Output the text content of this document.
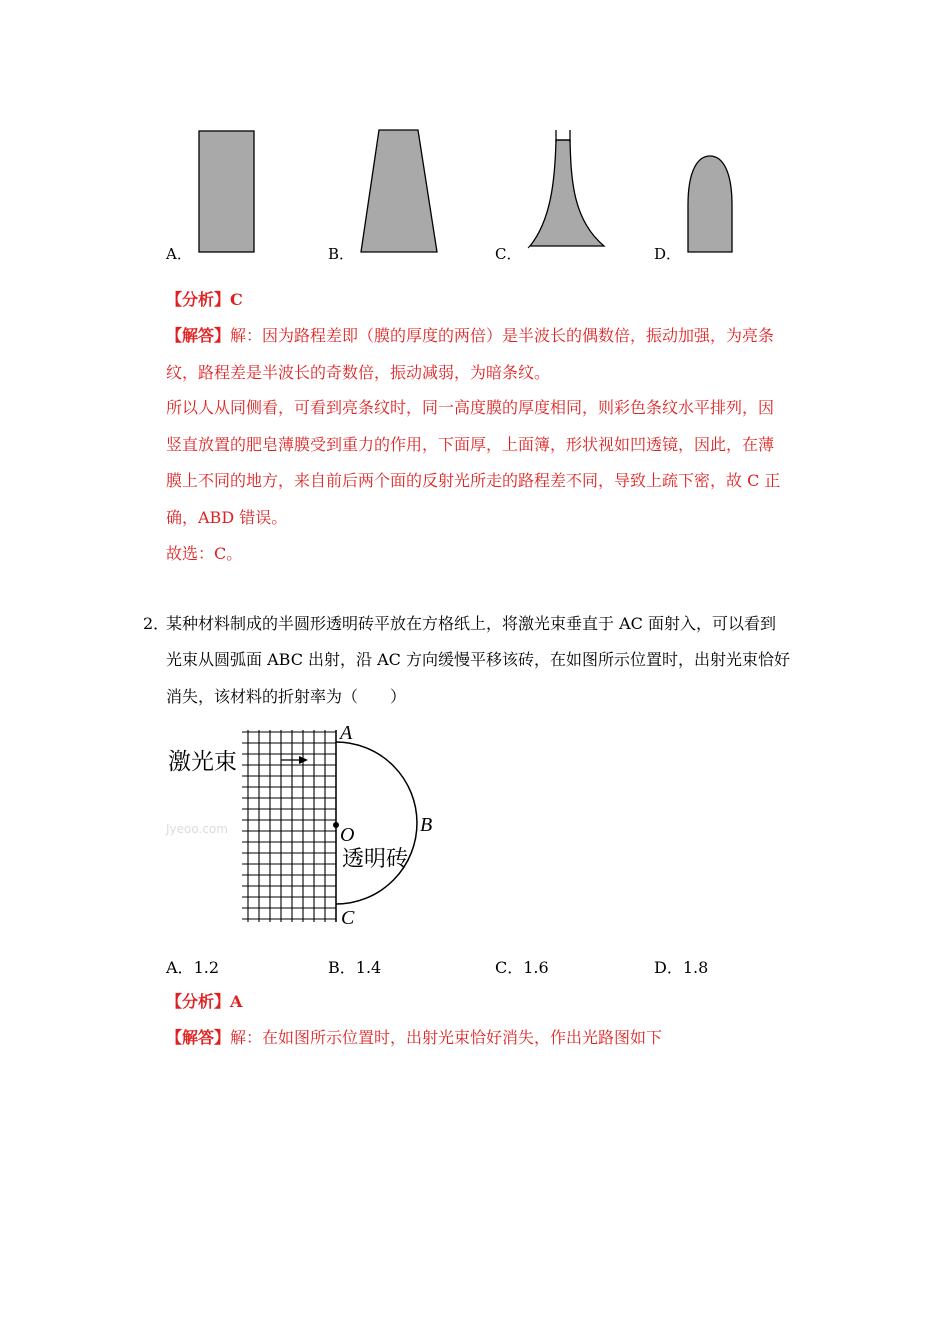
A．	B．	C．	D．
【分析】C
【解答】解：因为路程差即（膜的厚度的两倍）是半波长的偶数倍，振动加强，为亮条
纹，路程差是半波长的奇数倍，振动减弱，为暗条纹。
所以人从同侧看，可看到亮条纹时，同一高度膜的厚度相同，则彩色条纹水平排列，因
竖直放置的肥皂薄膜受到重力的作用，下面厚，上面簿，形状视如凹透镜，因此，在薄
膜上不同的地方，来自前后两个面的反射光所走的路程差不同，导致上疏下密，故 C 正
确，ABD 错误。
故选：C。
2．
某种材料制成的半圆形透明砖平放在方格纸上，将激光束垂直于 AC 面射入，可以看到
光束从圆弧面 ABC 出射，沿 AC 方向缓慢平移该砖，在如图所示位置时，出射光束恰好
消失，该材料的折射率为（　　）
激光束
透明砖
A
B
C
O
Jyeoo.com
A．1.2	B．1.4	C．1.6	D．1.8
【分析】A
【解答】解：在如图所示位置时，出射光束恰好消失，作出光路图如下
